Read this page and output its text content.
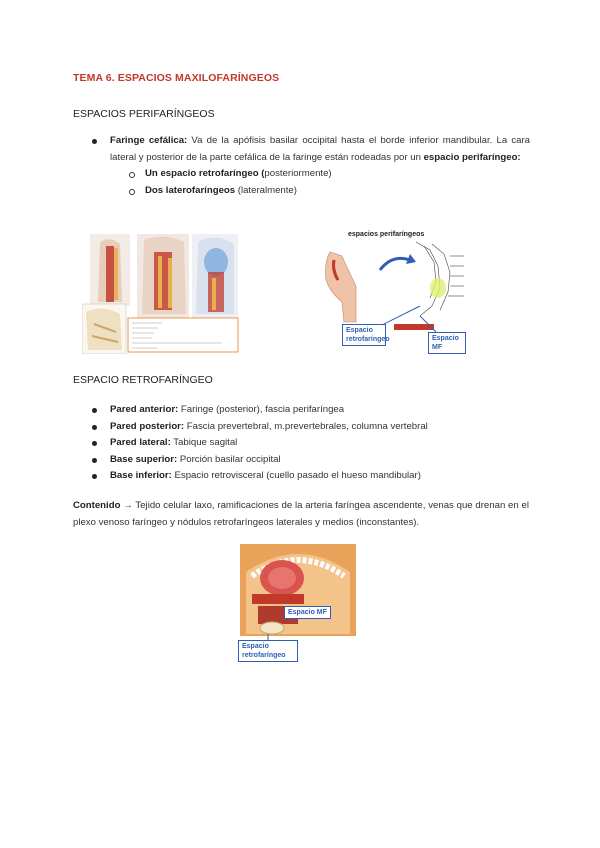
TEMA 6. ESPACIOS MAXILOFARÍNGEOS
ESPACIOS PERIFARÍNGEOS
Faringe cefálica: Va de la apófisis basilar occipital hasta el borde inferior mandibular. La cara lateral y posterior de la parte cefálica de la faringe están rodeadas por un espacio perifaríngeo:
Un espacio retrofaríngeo (posteriormente)
Dos laterofaríngeos (lateralmente)
espacios perifaríngeos
Espacio retrofaríngeo	Espacio MF
ESPACIO RETROFARÍNGEO
Pared anterior: Faringe (posterior), fascia perifaríngea
Pared posterior: Fascia prevertebral, m.prevertebrales, columna vertebral
Pared lateral: Tabique sagital
Base superior: Porción basilar occipital
Base inferior: Espacio retrovisceral (cuello pasado el hueso mandibular)
Contenido → Tejido celular laxo, ramificaciones de la arteria faríngea ascendente, venas que drenan en el plexo venoso faríngeo y nódulos retrofaríngeos laterales y medios (inconstantes).
Espacio MF
Espacio retrofaríngeo
